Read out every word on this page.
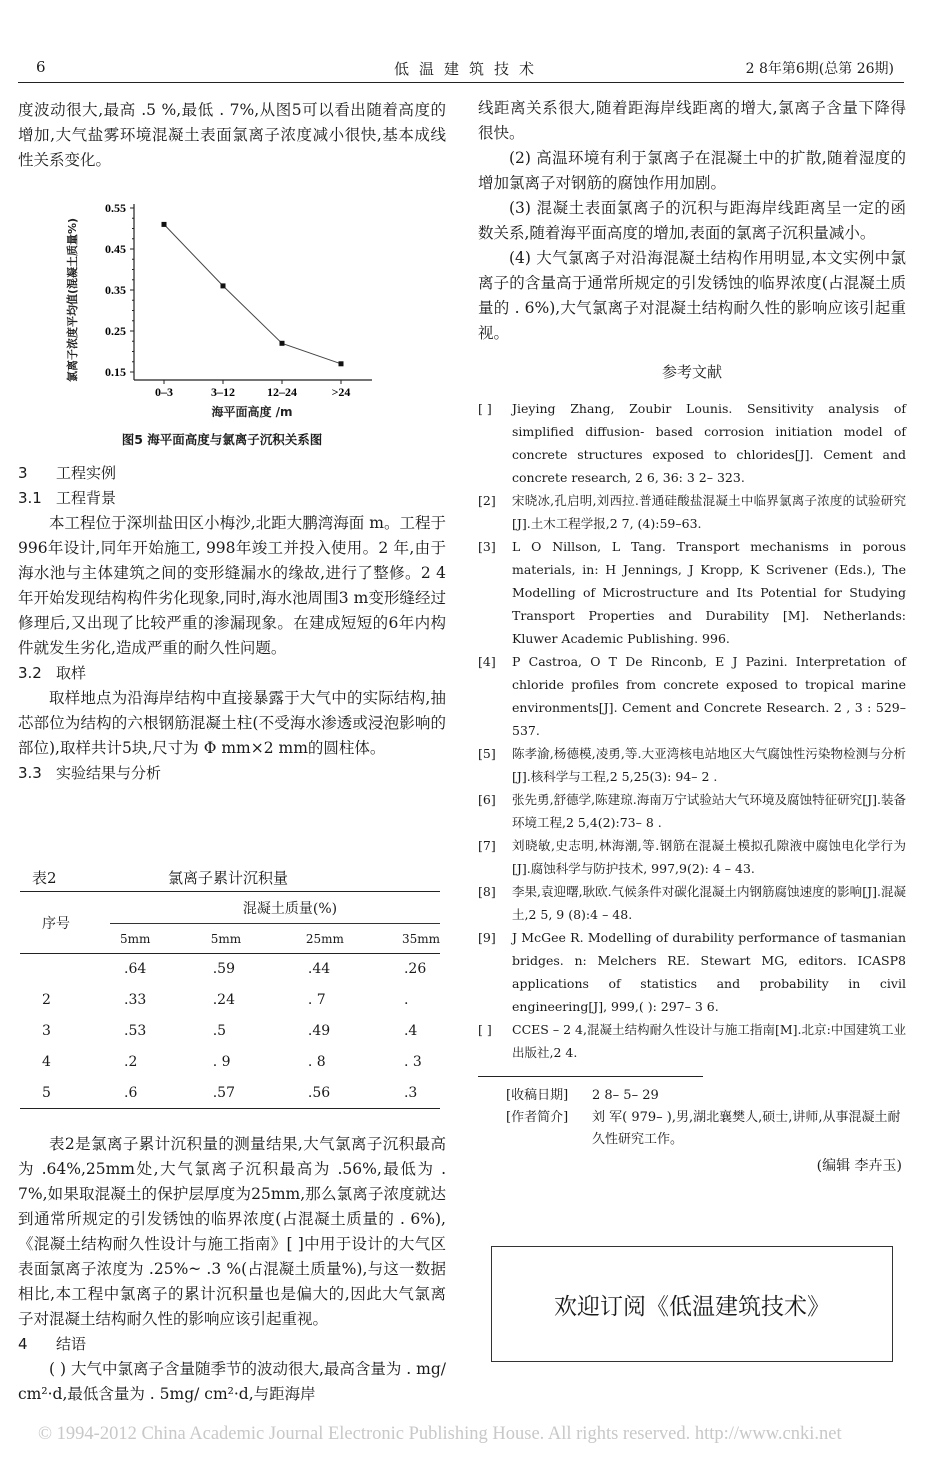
6	低温建筑技术	2 8年第6期(总第 26期)

度波动很大,最高 .5 %,最低 . 7%,从图5可以看出随着高度的增加,大气盐雾环境混凝土表面氯离子浓度减小很快,基本成线性关系变化。

氯离子浓度平均值(混凝土质量%)
0.55
0.45
0.35
0.25
0.15
0–3	3–12	12–24	>24
海平面高度 /m
图5 海平面高度与氯离子沉积关系图

3 工程实例

3.1 工程背景

本工程位于深圳盐田区小梅沙,北距大鹏湾海面 m。工程于 996年设计,同年开始施工, 998年竣工并投入使用。2 年,由于海水池与主体建筑之间的变形缝漏水的缘故,进行了整修。2 4年开始发现结构构件劣化现象,同时,海水池周围3 m变形缝经过修理后,又出现了比较严重的渗漏现象。在建成短短的6年内构件就发生劣化,造成严重的耐久性问题。

3.2 取样

取样地点为沿海岸结构中直接暴露于大气中的实际结构,抽芯部位为结构的六根钢筋混凝土柱(不受海水渗透或浸泡影响的部位),取样共计5块,尺寸为 Φ mm×2 mm的圆柱体。

3.3 实验结果与分析

表2	氯离子累计沉积量
序号	混凝土质量(%)			
	5mm	5mm	25mm	35mm
	.64	.59	.44	.26
2	.33	.24	. 7	.
3	.53	.5	.49	.4
4	.2	. 9	. 8	. 3
5	.6	.57	.56	.3

表2是氯离子累计沉积量的测量结果,大气氯离子沉积最高为 .64%,25mm处,大气氯离子沉积最高为 .56%,最低为 . 7%,如果取混凝土的保护层厚度为25mm,那么氯离子浓度就达到通常所规定的引发锈蚀的临界浓度(占混凝土质量的 . 6%),《混凝土结构耐久性设计与施工指南》[ ]中用于设计的大气区表面氯离子浓度为 .25%~ .3 %(占混凝土质量%),与这一数据相比,本工程中氯离子的累计沉积量也是偏大的,因此大气氯离子对混凝土结构耐久性的影响应该引起重视。

4 结语

( ) 大气中氯离子含量随季节的波动很大,最高含量为 . mg/ cm²·d,最低含量为 . 5mg/ cm²·d,与距海岸

线距离关系很大,随着距海岸线距离的增大,氯离子含量下降得很快。

(2) 高温环境有利于氯离子在混凝土中的扩散,随着湿度的增加氯离子对钢筋的腐蚀作用加剧。

(3) 混凝土表面氯离子的沉积与距海岸线距离呈一定的函数关系,随着海平面高度的增加,表面的氯离子沉积量减小。

(4) 大气氯离子对沿海混凝土结构作用明显,本文实例中氯离子的含量高于通常所规定的引发锈蚀的临界浓度(占混凝土质量的 . 6%),大气氯离子对混凝土结构耐久性的影响应该引起重视。

参考文献

[ ] Jieying Zhang, Zoubir Lounis. Sensitivity analysis of simplified diffusion- based corrosion initiation model of concrete structures exposed to chlorides[J]. Cement and concrete research, 2 6, 36: 3 2– 323.

[2] 宋晓冰,孔启明,刘西拉.普通硅酸盐混凝土中临界氯离子浓度的试验研究[J].土木工程学报,2 7, (4):59–63.

[3] L O Nillson, L Tang. Transport mechanisms in porous materials, in: H Jennings, J Kropp, K Scrivener (Eds.), The Modelling of Microstructure and Its Potential for Studying Transport Properties and Durability [M]. Netherlands: Kluwer Academic Publishing. 996.

[4] P Castroa, O T De Rinconb, E J Pazini. Interpretation of chloride profiles from concrete exposed to tropical marine environments[J]. Cement and Concrete Research. 2 , 3 : 529– 537.

[5] 陈孝渝,杨德模,凌勇,等.大亚湾核电站地区大气腐蚀性污染物检测与分析[J].核科学与工程,2 5,25(3): 94– 2 .

[6] 张先勇,舒德学,陈建琼.海南万宁试验站大气环境及腐蚀特征研究[J].装备环境工程,2 5,4(2):73– 8 .

[7] 刘晓敏,史志明,林海潮,等.钢筋在混凝土模拟孔隙液中腐蚀电化学行为[J].腐蚀科学与防护技术, 997,9(2): 4 – 43.

[8] 李果,袁迎曙,耿欧.气候条件对碳化混凝土内钢筋腐蚀速度的影响[J].混凝土,2 5, 9 (8):4 – 48.

[9] J McGee R. Modelling of durability performance of tasmanian bridges. n: Melchers RE. Stewart MG, editors. ICASP8 applications of statistics and probability in civil engineering[J], 999,( ): 297– 3 6.

[ ] CCES – 2 4,混凝土结构耐久性设计与施工指南[M].北京:中国建筑工业出版社,2 4.

[收稿日期] 2 8– 5– 29
[作者简介] 刘 军( 979– ),男,湖北襄樊人,硕士,讲师,从事混凝土耐久性研究工作。
(编辑 李卉玉)
欢迎订阅《低温建筑技术》
© 1994-2012 China Academic Journal Electronic Publishing House. All rights reserved. http://www.cnki.net
